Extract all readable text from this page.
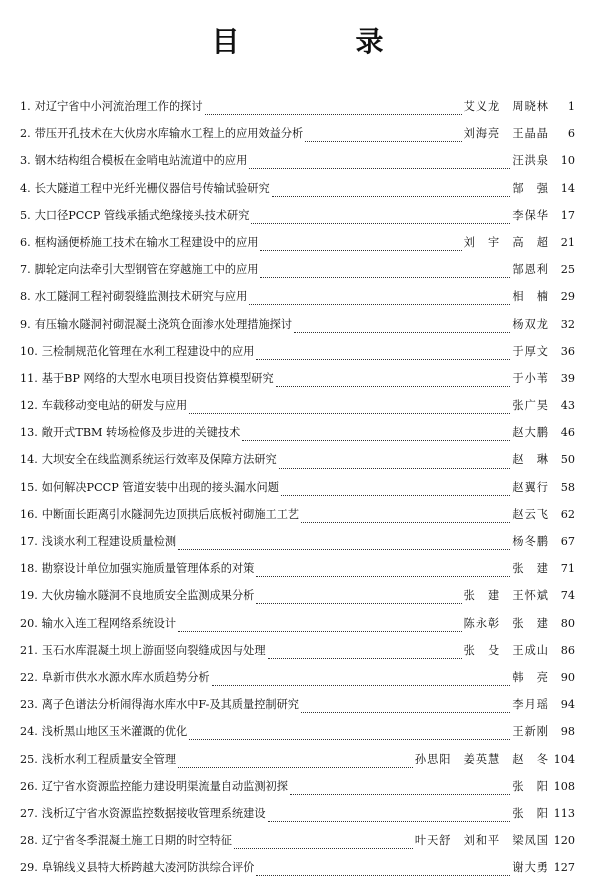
目　录
1. 对辽宁省中小河流治理工作的探讨	艾义龙　周晓林	1
2. 带压开孔技术在大伙房水库输水工程上的应用效益分析	刘海亮　王晶晶	6
3. 钢木结构组合模板在金哨电站流道中的应用	汪洪泉	10
4. 长大隧道工程中光纤光栅仪器信号传输试验研究	郜　强	14
5. 大口径PCCP 管线承插式绝缘接头技术研究	李保华	17
6. 框构涵便桥施工技术在输水工程建设中的应用	刘　宇　高　超	21
7. 脚轮定向法牵引大型钢管在穿越施工中的应用	郜恩利	25
8. 水工隧洞工程衬砌裂缝监测技术研究与应用	相　楠	29
9. 有压输水隧洞衬砌混凝土浇筑仓面渗水处理措施探讨	杨双龙	32
10. 三检制规范化管理在水利工程建设中的应用	于厚文	36
11. 基于BP 网络的大型水电项目投资估算模型研究	于小苇	39
12. 车载移动变电站的研发与应用	张广昊	43
13. 敞开式TBM 转场检修及步进的关键技术	赵大鹏	46
14. 大坝安全在线监测系统运行效率及保障方法研究	赵　琳	50
15. 如何解决PCCP 管道安装中出现的接头漏水问题	赵翼行	58
16. 中断面长距离引水隧洞先边顶拱后底板衬砌施工工艺	赵云飞	62
17. 浅谈水利工程建设质量检测	杨冬鹏	67
18. 勘察设计单位加强实施质量管理体系的对策	张　建	71
19. 大伙房输水隧洞不良地质安全监测成果分析	张　建　王怀斌	74
20. 输水入连工程网络系统设计	陈永彰　张　建	80
21. 玉石水库混凝土坝上游面竖向裂缝成因与处理	张　殳　王成山	86
22. 阜新市供水水源水库水质趋势分析	韩　亮	90
23. 离子色谱法分析闹得海水库水中F-及其质量控制研究	李月瑶	94
24. 浅析黑山地区玉米灌溉的优化	王新刚	98
25. 浅析水利工程质量安全管理	孙思阳　姜英慧　赵　冬 104
26. 辽宁省水资源监控能力建设明渠流量自动监测初探	张　阳 108
27. 浅析辽宁省水资源监控数据接收管理系统建设	张　阳 113
28. 辽宁省冬季混凝土施工日期的时空特征	叶天舒　刘和平　梁凤国 120
29. 阜锦线义县特大桥跨越大凌河防洪综合评价	谢大勇 127
